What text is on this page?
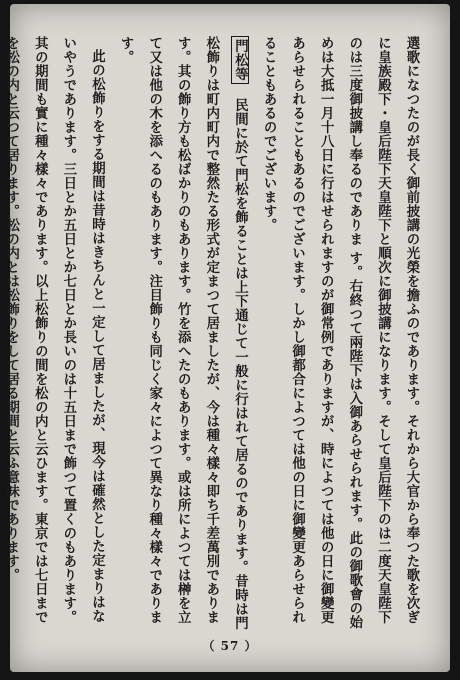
選歌になつたのが長く御前披講の光榮を擔ふのであります。それから大官から奉つた歌を次ぎに皇族殿下・皇后陛下天皇陛下と順次に御披講になります。そして皇后陛下のは二度天皇陛下のは三度御披講し奉るのでありま す。右終つて兩陛下は入御あらせられます。此の御歌會の始めは大抵一月十八日に行はせられますのが御常例でありますが、時によつては他の日に御變更あらせられることもあるのでございます。しかし御都合によつては他の日に御變更あらせられることもあるのでございます。

門松等　民間に於て門松を飾ることは上下通じて一般に行はれて居るのであります。昔時は門松飾りは町内町内で整然たる形式が定まつて居ましたが、今は種々樣々即ち千差萬別であります。其の飾り方も松ばかりのもあります。竹を添へたのもあります。或は所によつては榊を立て又は他の木を添へるのもあります。注目飾りも同じく家々によつて異なり種々樣々であります。

此の松飾りをする期間は昔時はきちんと一定して居ましたが、現今は確然とした定まりはないやうであります。三日とか五日とか七日とか長いのは十五日まで飾つて置くのもあります。其の期間も實に種々樣々であります。以上松飾りの間を松の内と云ひます。東京では七日までを松の内と云つて居ります。松の内とは松飾りをして居る期間と云ふ意味であります。

（ 57 ）
